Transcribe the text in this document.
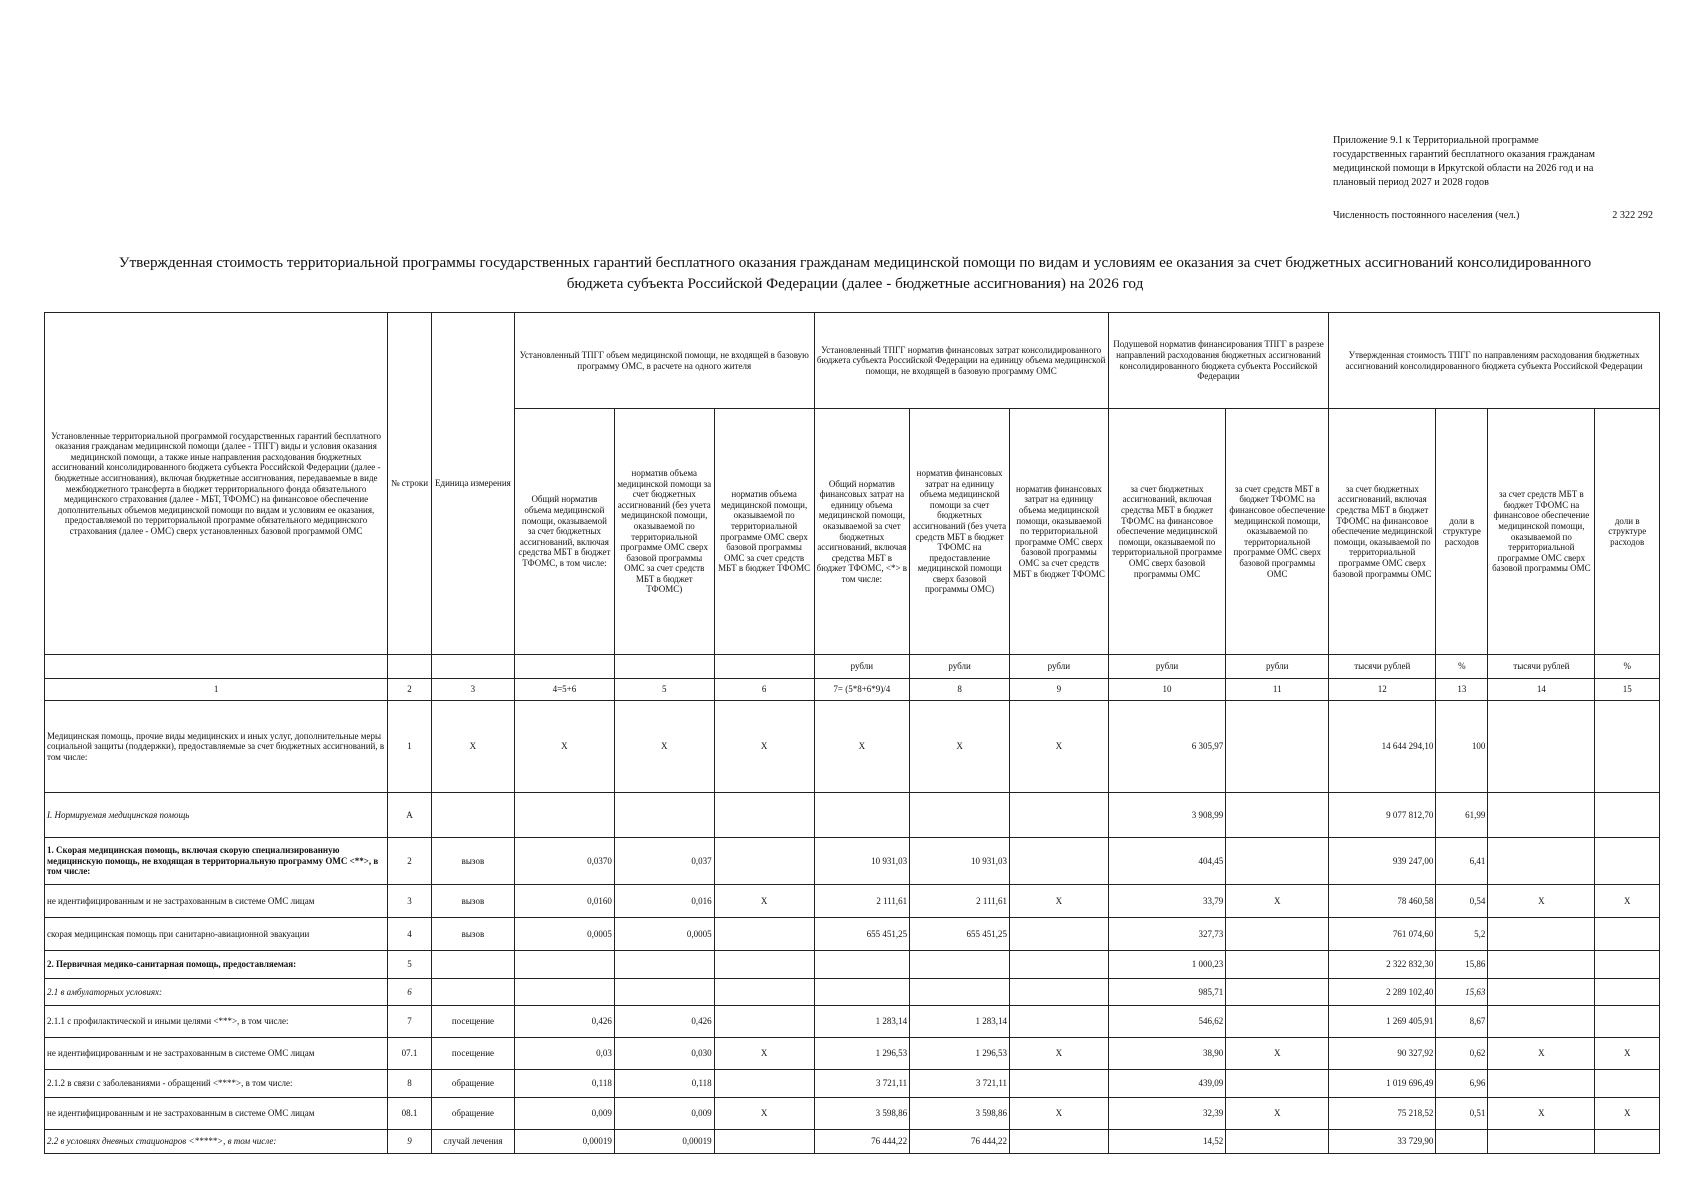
Приложение 9.1 к Территориальной программе
государственных гарантий бесплатного оказания гражданам
медицинской помощи в Иркутской области на 2026 год и на
плановый период 2027 и 2028 годов
Численность постоянного населения (чел.)	2 322 292
Утвержденная стоимость территориальной программы государственных гарантий бесплатного оказания гражданам медицинской помощи по видам и условиям ее оказания за счет бюджетных ассигнований консолидированного
бюджета субъекта Российской Федерации (далее - бюджетные ассигнования) на 2026 год
Установленные территориальной программой государственных гарантий бесплатного оказания гражданам медицинской помощи (далее - ТПГГ) виды и условия оказания медицинской помощи, а также иные направления расходования бюджетных ассигнований консолидированного бюджета субъекта Российской Федерации (далее - бюджетные ассигнования), включая бюджетные ассигнования, передаваемые в виде межбюджетного трансферта в бюджет территориального фонда обязательного медицинского страхования (далее - МБТ, ТФОМС) на финансовое обеспечение дополнительных объемов медицинской помощи по видам и условиям ее оказания, предоставляемой по территориальной программе обязательного медицинского страхования (далее - ОМС) сверх установленных базовой программой ОМС	№ строки	Единица измерения	Установленный ТПГГ объем медицинской помощи, не входящей в базовую программу ОМС, в расчете на одного жителя			Установленный ТПГГ норматив финансовых затрат консолидированного бюджета субъекта Российской Федерации на единицу объема медицинской помощи, не входящей в базовую программу ОМС			Подушевой норматив финансирования ТПГГ в разрезе направлений расходования бюджетных ассигнований консолидированного бюджета субъекта Российской Федерации		Утвержденная стоимость ТПГГ по направлениям расходования бюджетных ассигнований консолидированного бюджета субъекта Российской Федерации			
			Общий норматив объема медицинской помощи, оказываемой за счет бюджетных ассигнований, включая средства МБТ в бюджет ТФОМС, в том числе:	норматив объема медицинской помощи за счет бюджетных ассигнований (без учета медицинской помощи, оказываемой по территориальной программе ОМС сверх базовой программы ОМС за счет средств МБТ в бюджет ТФОМС)	норматив объема медицинской помощи, оказываемой по территориальной программе ОМС сверх базовой программы ОМС за счет средств МБТ в бюджет ТФОМС	Общий норматив финансовых затрат на единицу объема медицинской помощи, оказываемой за счет бюджетных ассигнований, включая средства МБТ в бюджет ТФОМС, <*> в том числе:	норматив финансовых затрат на единицу объема медицинской помощи за счет бюджетных ассигнований (без учета средств МБТ в бюджет ТФОМС на предоставление медицинской помощи сверх базовой программы ОМС)	норматив финансовых затрат на единицу объема медицинской помощи, оказываемой по территориальной программе ОМС сверх базовой программы ОМС за счет средств МБТ в бюджет ТФОМС	за счет бюджетных ассигнований, включая средства МБТ в бюджет ТФОМС на финансовое обеспечение медицинской помощи, оказываемой по территориальной программе ОМС сверх базовой программы ОМС	за счет средств МБТ в бюджет ТФОМС на финансовое обеспечение медицинской помощи, оказываемой по территориальной программе ОМС сверх базовой программы ОМС	за счет бюджетных ассигнований, включая средства МБТ в бюджет ТФОМС на финансовое обеспечение медицинской помощи, оказываемой по территориальной программе ОМС сверх базовой программы ОМС	доли в структуре расходов	за счет средств МБТ в бюджет ТФОМС на финансовое обеспечение медицинской помощи, оказываемой по территориальной программе ОМС сверх базовой программы ОМС	доли в структуре расходов
						рубли	рубли	рубли	рубли	рубли	тысячи рублей	%	тысячи рублей	%
1	2	3	4=5+6	5	6	7= (5*8+6*9)/4	8	9	10	11	12	13	14	15
Медицинская помощь, прочие виды медицинских и иных услуг, дополнительные меры социальной защиты (поддержки), предоставляемые за счет бюджетных ассигнований, в том числе:	1	X	X	X	X	X	X	X	6 305,97		14 644 294,10	100		
I. Нормируемая медицинская помощь	А								3 908,99		9 077 812,70	61,99		
1. Скорая медицинская помощь, включая скорую специализированную медицинскую помощь, не входящая в территориальную программу ОМС <**>, в том числе:	2	вызов	0,0370	0,037		10 931,03	10 931,03		404,45		939 247,00	6,41		
не идентифицированным и не застрахованным в системе ОМС лицам	3	вызов	0,0160	0,016	X	2 111,61	2 111,61	X	33,79	X	78 460,58	0,54	X	X
скорая медицинская помощь при санитарно-авиационной эвакуации	4	вызов	0,0005	0,0005		655 451,25	655 451,25		327,73		761 074,60	5,2		
2. Первичная медико-санитарная помощь, предоставляемая:	5								1 000,23		2 322 832,30	15,86		
2.1 в амбулаторных условиях:	6								985,71		2 289 102,40	15,63		
2.1.1 с профилактической и иными целями <***>, в том числе:	7	посещение	0,426	0,426		1 283,14	1 283,14		546,62		1 269 405,91	8,67		
не идентифицированным и не застрахованным в системе ОМС лицам	07.1	посещение	0,03	0,030	X	1 296,53	1 296,53	X	38,90	X	90 327,92	0,62	X	X
2.1.2 в связи с заболеваниями - обращений <****>, в том числе:	8	обращение	0,118	0,118		3 721,11	3 721,11		439,09		1 019 696,49	6,96		
не идентифицированным и не застрахованным в системе ОМС лицам	08.1	обращение	0,009	0,009	X	3 598,86	3 598,86	X	32,39	X	75 218,52	0,51	X	X
2.2 в условиях дневных стационаров <*****>, в том числе:	9	случай лечения	0,00019	0,00019		76 444,22	76 444,22		14,52		33 729,90			
